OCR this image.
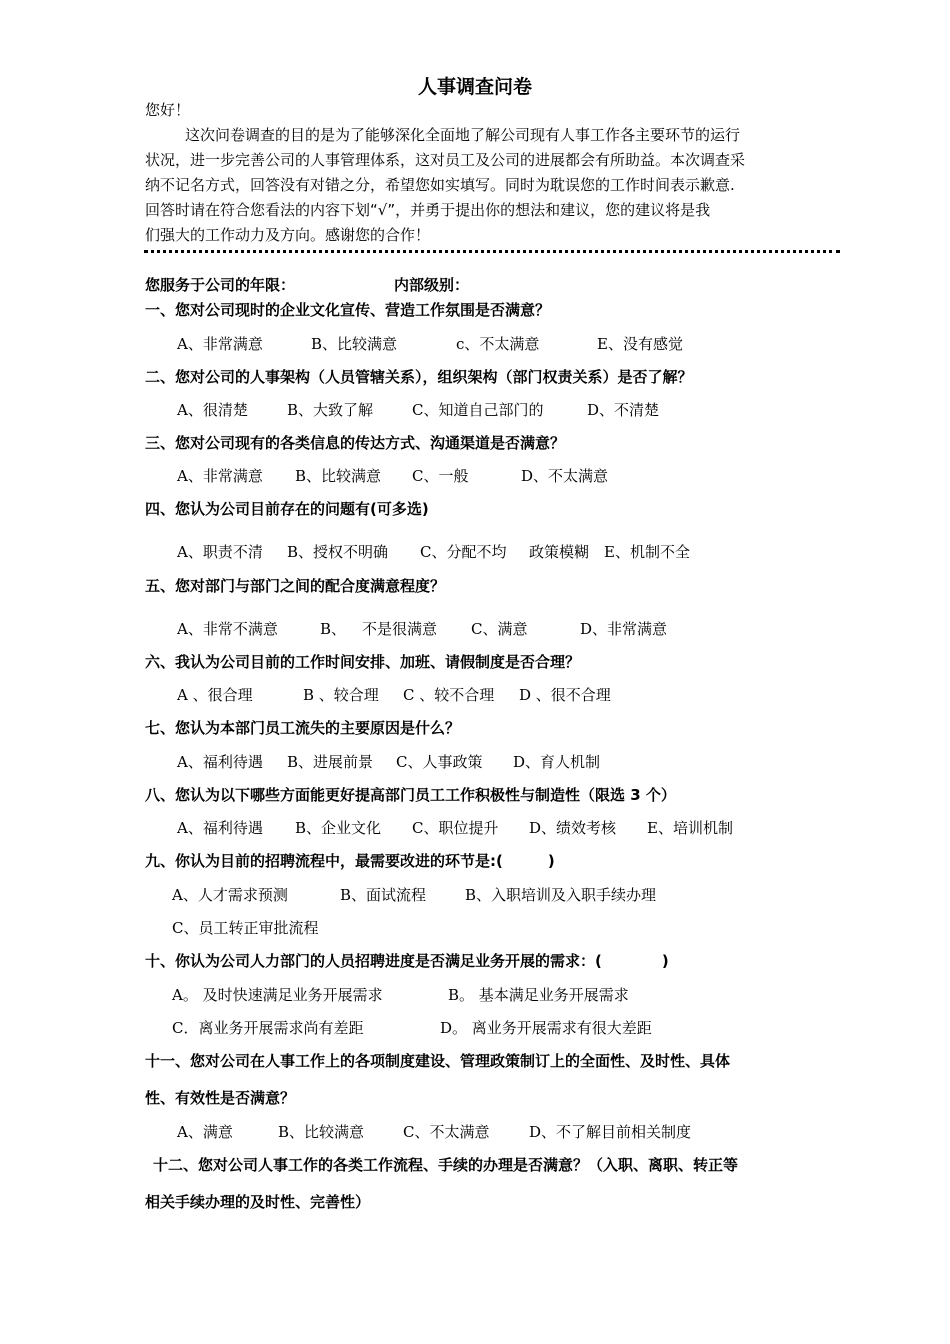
人事调查问卷
您好！
这次问卷调查的目的是为了能够深化全面地了解公司现有人事工作各主要环节的运行
状况，进一步完善公司的人事管理体系，这对员工及公司的进展都会有所助益。本次调查采
纳不记名方式，回答没有对错之分，希望您如实填写。同时为耽误您的工作时间表示歉意.
回答时请在符合您看法的内容下划“√”，并勇于提出你的想法和建议，您的建议将是我
们强大的工作动力及方向。感谢您的合作！
您服务于公司的年限：	内部级别：
一、您对公司现时的企业文化宣传、营造工作氛围是否满意？
A、非常满意	B、比较满意	c、不太满意	E、没有感觉
二、您对公司的人事架构（人员管辖关系），组织架构（部门权责关系）是否了解？
A、很清楚	B、大致了解	C、知道自己部门的	D、不清楚
三、您对公司现有的各类信息的传达方式、沟通渠道是否满意？
A、非常满意 B、比较满意 C、一般	D、不太满意
四、您认为公司目前存在的问题有(可多选)
A、职责不清 B、授权不明确 C、分配不均 政策模糊 E、机制不全
五、您对部门与部门之间的配合度满意程度？
A、非常不满意	B、 不是很满意 C、满意	D、非常满意
六、我认为公司目前的工作时间安排、加班、请假制度是否合理？
A 、很合理	B 、较合理 C 、较不合理 D 、很不合理
七、您认为本部门员工流失的主要原因是什么？
A、福利待遇 B、进展前景 C、人事政策 D、育人机制
八、您认为以下哪些方面能更好提高部门员工工作积极性与制造性（限选 3 个）
A、福利待遇 B、企业文化 C、职位提升 D、绩效考核 E、培训机制
九、你认为目前的招聘流程中，最需要改进的环节是:(　　　)
A、人才需求预测	B、面试流程	B、入职培训及入职手续办理
C、员工转正审批流程
十、你认为公司人力部门的人员招聘进度是否满足业务开展的需求：(　　　　)
A。 及时快速满足业务开展需求	B。 基本满足业务开展需求
C．离业务开展需求尚有差距	D。 离业务开展需求有很大差距
十一、您对公司在人事工作上的各项制度建设、管理政策制订上的全面性、及时性、具体
性、有效性是否满意？
A、满意	B、比较满意	C、不太满意	D、不了解目前相关制度
十二、您对公司人事工作的各类工作流程、手续的办理是否满意？（入职、离职、转正等
相关手续办理的及时性、完善性）
